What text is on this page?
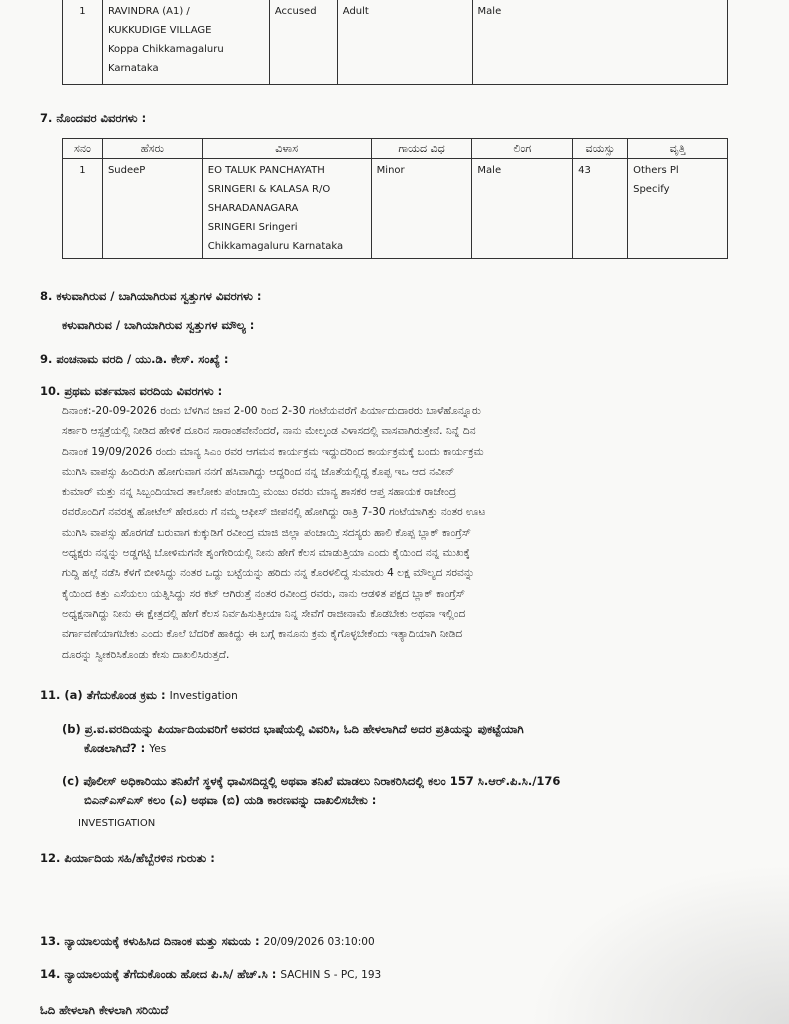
1	RAVINDRA (A1) /
KUKKUDIGE VILLAGE
Koppa Chikkamagaluru
Karnataka
	Accused	Adult	Male
7. ನೊಂದವರ ವಿವರಗಳು :
ಸನಂ	ಹೆಸರು	ವಿಳಾಸ	ಗಾಯದ ವಿಧ	ಲಿಂಗ	ವಯಸ್ಸು	ವೃತ್ತಿ
1	SudeeP	EO TALUK PANCHAYATH
SRINGERI & KALASA R/O
SHARADANAGARA
SRINGERI Sringeri
Chikkamagaluru Karnataka	Minor	Male	43	Others Pl
Specify
8. ಕಳುವಾಗಿರುವ / ಬಾಗಿಯಾಗಿರುವ ಸ್ವತ್ತುಗಳ ವಿವರಗಳು :
ಕಳುವಾಗಿರುವ / ಬಾಗಿಯಾಗಿರುವ ಸ್ವತ್ತುಗಳ ಮೌಲ್ಯ :
9. ಪಂಚನಾಮ ವರದಿ / ಯು.ಡಿ. ಕೇಸ್. ಸಂಖ್ಯೆ :
10. ಪ್ರಥಮ ವರ್ತಮಾನ ವರದಿಯ ವಿವರಗಳು :
ದಿನಾಂಕ:-20-09-2026 ರಂದು ಬೆಳಗಿನ ಜಾವ 2-00 ರಿಂದ 2-30 ಗಂಟೆಯವರೆಗೆ ಪಿರ್ಯಾದುದಾರರು ಬಾಳೆಹೊನ್ನೂರು
ಸರ್ಕಾರಿ ಆಸ್ಪತ್ರೆಯಲ್ಲಿ ನೀಡಿದ ಹೇಳಿಕೆ ದೂರಿನ ಸಾರಾಂಶವೇನೆಂದರೆ, ನಾನು ಮೇಲ್ಕಂಡ ವಿಳಾಸದಲ್ಲಿ ವಾಸವಾಗಿರುತ್ತೇನೆ. ನಿನ್ನೆ ದಿನ
ದಿನಾಂಕ 19/09/2026 ರಂದು ಮಾನ್ಯ ಸಿಎಂ ರವರ ಆಗಮನ ಕಾರ್ಯಕ್ರಮ ಇದ್ದುದರಿಂದ ಕಾರ್ಯಕ್ರಮಕ್ಕೆ ಬಂದು ಕಾರ್ಯಕ್ರಮ
ಮುಗಿಸಿ ವಾಪಸ್ಸು ಹಿಂದಿರುಗಿ ಹೋಗುವಾಗ ನನಗೆ ಹಸಿವಾಗಿದ್ದು ಆದ್ದರಿಂದ ನನ್ನ ಜೊತೆಯಲ್ಲಿದ್ದ ಕೊಪ್ಪ ಇಒ ಆದ ನವೀನ್
ಕುಮಾರ್ ಮತ್ತು ನನ್ನ ಸಿಬ್ಬಂದಿಯಾದ ತಾಲೋಕು ಪಂಚಾಯ್ತಿ ಮಂಜು ರವರು ಮಾನ್ಯ ಶಾಸಕರ ಆಪ್ತ ಸಹಾಯಕ ರಾಜೇಂದ್ರ
ರವರೊಂದಿಗೆ ನವರತ್ನ ಹೋಟೆಲ್ ಹೇರೂರು ಗೆ ನಮ್ಮ ಆಫೀಸ್ ಜೀಪನಲ್ಲಿ ಹೋಗಿದ್ದು ರಾತ್ರಿ 7-30 ಗಂಟೆಯಾಗಿತ್ತು ನಂತರ ಊಟ
ಮುಗಿಸಿ ವಾಪಸ್ಸು ಹೊರಗಡೆ ಬರುವಾಗ ಕುಕ್ಕುಡಿಗೆ ರವೀಂದ್ರ ಮಾಜಿ ಜಿಲ್ಲಾ ಪಂಚಾಯ್ತಿ ಸದಸ್ಯರು ಹಾಲಿ ಕೊಪ್ಪ ಬ್ಲಾಕ್ ಕಾಂಗ್ರೆಸ್
ಅಧ್ಯಕ್ಷರು ನನ್ನನ್ನು ಅಡ್ಡಗಟ್ಟಿ ಬೋಳಿಮಗನೇ ಶೃಂಗೇರಿಯಲ್ಲಿ ನೀನು ಹೇಗೆ ಕೆಲಸ ಮಾಡುತ್ತಿಯಾ ಎಂದು ಕೈಯಿಂದ ನನ್ನ ಮುಖಕ್ಕೆ
ಗುದ್ದಿ ಹಲ್ಲೆ ನಡೆಸಿ ಕೆಳಗೆ ಬೀಳಿಸಿದ್ದು ನಂತರ ಒದ್ದು ಬಟ್ಟೆಯನ್ನು ಹರಿದು ನನ್ನ ಕೊರಳಲಿದ್ದ ಸುಮಾರು 4 ಲಕ್ಷ ಮೌಲ್ಯದ ಸರವನ್ನು
ಕೈಯಿಂದ ಕಿತ್ತು ಎಸೆಯಲು ಯತ್ನಿಸಿದ್ದು ಸರ ಕಟ್ ಆಗಿರುತ್ತೆ ನಂತರ ರವೀಂದ್ರ ರವರು, ನಾನು ಆಡಳಿತ ಪಕ್ಷದ ಬ್ಲಾಕ್ ಕಾಂಗ್ರೆಸ್
ಅಧ್ಯಕ್ಷನಾಗಿದ್ದು ನೀನು ಈ ಕ್ಷೇತ್ರದಲ್ಲಿ ಹೇಗೆ ಕೆಲಸ ನಿರ್ವಹಿಸುತ್ತೀಯಾ ನಿನ್ನ ಸೇವೆಗೆ ರಾಜೀನಾಮೆ ಕೊಡಬೇಕು ಅಥವಾ ಇಲ್ಲಿಂದ
ವರ್ಗಾವಣೆಯಾಗಬೇಕು ಎಂದು ಕೊಲೆ ಬೆದರಿಕೆ ಹಾಕಿದ್ದು ಈ ಬಗ್ಗೆ ಕಾನೂನು ಕ್ರಮ ಕೈಗೊಳ್ಳಬೇಕೆಂದು ಇತ್ಯಾದಿಯಾಗಿ ನೀಡಿದ
ದೂರನ್ನು ಸ್ವೀಕರಿಸಿಕೊಂಡು ಕೇಸು ದಾಖಲಿಸಿರುತ್ತದೆ.
11. (a) ತೆಗೆದುಕೊಂಡ ಕ್ರಮ : Investigation
(b) ಪ್ರ.ವ.ವರದಿಯನ್ನು ಪಿರ್ಯಾದಿಯವರಿಗೆ ಅವರದ ಭಾಷೆಯಲ್ಲಿ ವಿವರಿಸಿ, ಓದಿ ಹೇಳಲಾಗಿದೆ ಅದರ ಪ್ರತಿಯನ್ನು ಪುಕಟ್ಟೆಯಾಗಿ
ಕೊಡಲಾಗಿದೆ? : Yes
(c) ಪೊಲೀಸ್ ಅಧಿಕಾರಿಯು ತನಿಖೆಗೆ ಸ್ಥಳಕ್ಕೆ ಧಾವಿಸದಿದ್ದಲ್ಲಿ ಅಥವಾ ತನಿಖೆ ಮಾಡಲು ನಿರಾಕರಿಸಿದಲ್ಲಿ ಕಲಂ 157 ಸಿ.ಆರ್.ಪಿ.ಸಿ./176
ಬಿಎನ್‌ಎಸ್‌ಎಸ್ ಕಲಂ (ಎ) ಅಥವಾ (ಬಿ) ಯಡಿ ಕಾರಣವನ್ನು ದಾಖಲಿಸಬೇಕು :
INVESTIGATION
12. ಪಿರ್ಯಾದಿಯ ಸಹಿ/ಹೆಬ್ಬೆರಳಿನ ಗುರುತು :
13. ನ್ಯಾಯಾಲಯಕ್ಕೆ ಕಳುಹಿಸಿದ ದಿನಾಂಕ ಮತ್ತು ಸಮಯ : 20/09/2026 03:10:00
14. ನ್ಯಾಯಾಲಯಕ್ಕೆ ತೆಗೆದುಕೊಂಡು ಹೋದ ಪಿ.ಸಿ/ ಹೆಚ್.ಸಿ : SACHIN S - PC, 193
ಓದಿ ಹೇಳಲಾಗಿ ಕೇಳಲಾಗಿ ಸರಿಯಿದೆ
